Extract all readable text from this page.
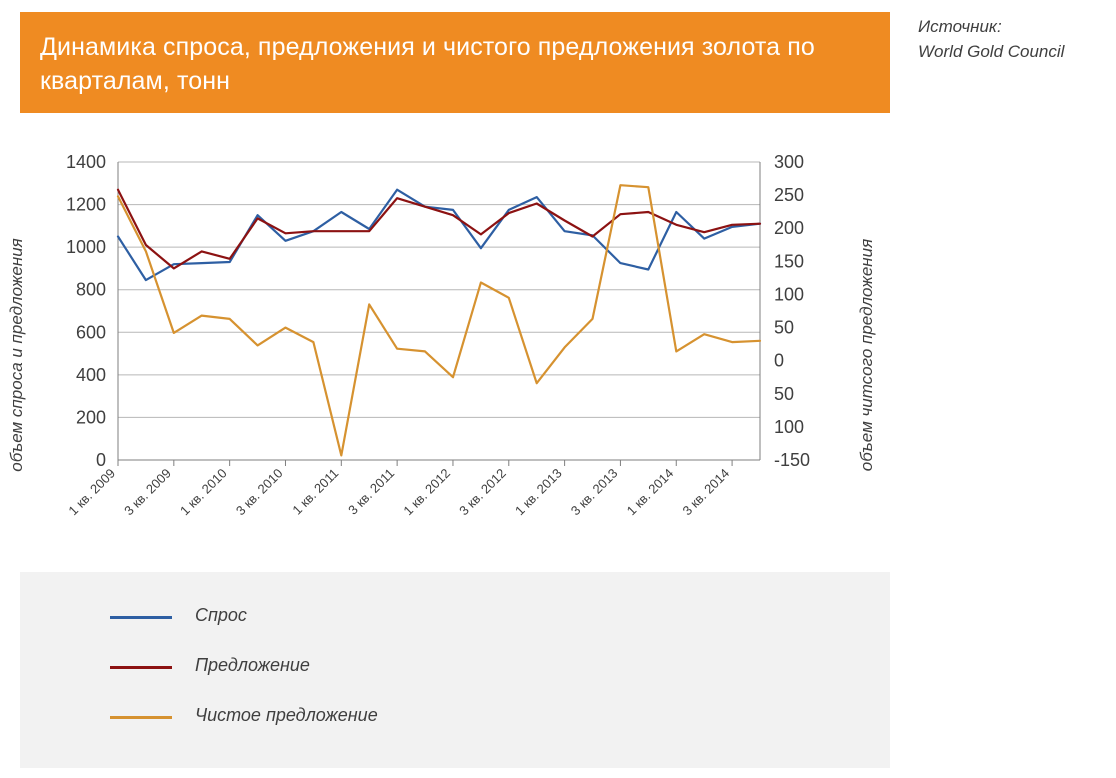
Динамика спроса, предложения и чистого предложения золота по кварталам, тонн
Источник:
World Gold Council
объем спроса и предложения	объем читсого предложения
0
200
400
600
800
1000
1200
1400
-150
100
50
0
50
100
150
200
250
300
1 кв. 2009 3 кв. 2009 1 кв. 2010 3 кв. 2010 1 кв. 2011 3 кв. 2011 1 кв. 2012 3 кв. 2012 1 кв. 2013 3 кв. 2013 1 кв. 2014 3 кв. 2014
Спрос
Предложение
Чистое предложение
